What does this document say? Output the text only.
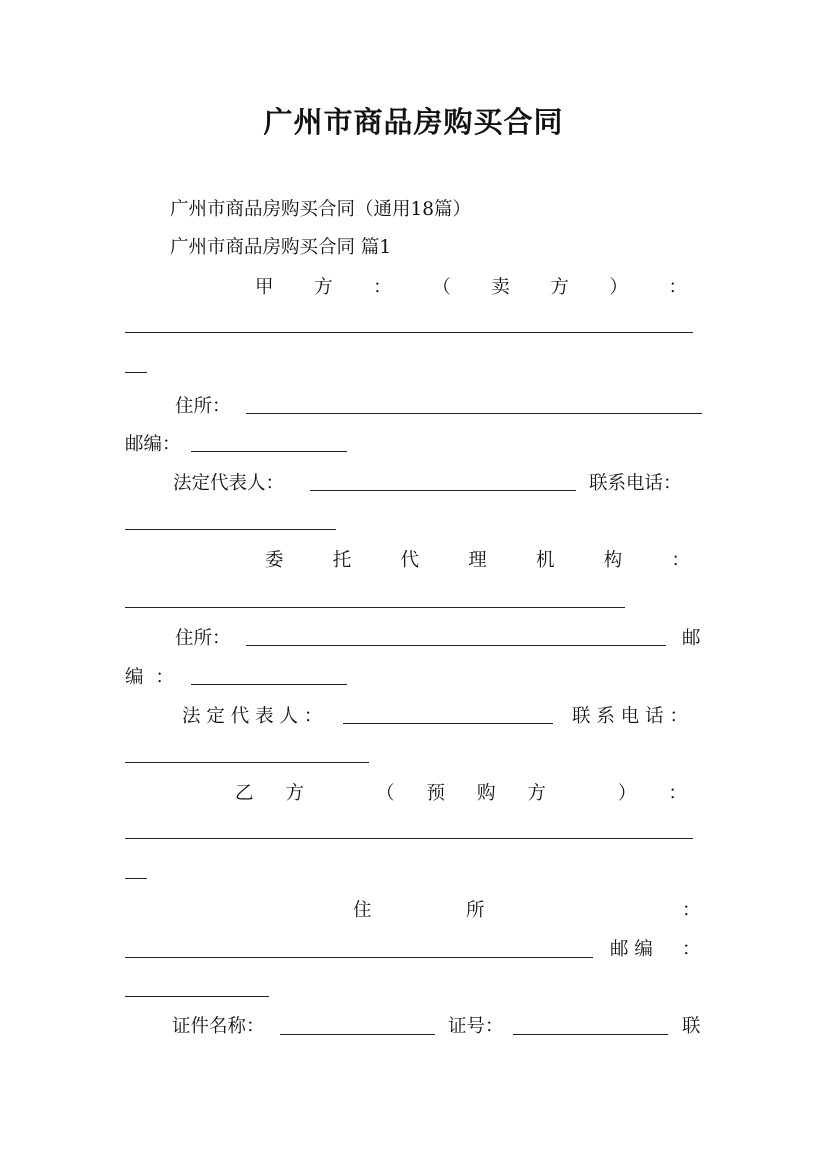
广州市商品房购买合同
广州市商品房购买合同（通用18篇）
广州市商品房购买合同 篇1
甲 方 ： （ 卖 方 ） ：
住所：
邮编：
法定代表人：	联系电话：
委	托	代	理	机	构	：
住所：	邮
编 ：
法 定 代 表 人 ：	联 系 电 话 ：
乙 方	（ 预 购 方	） ：
住	所	：
邮 编 ：
证件名称：	证号：	联
